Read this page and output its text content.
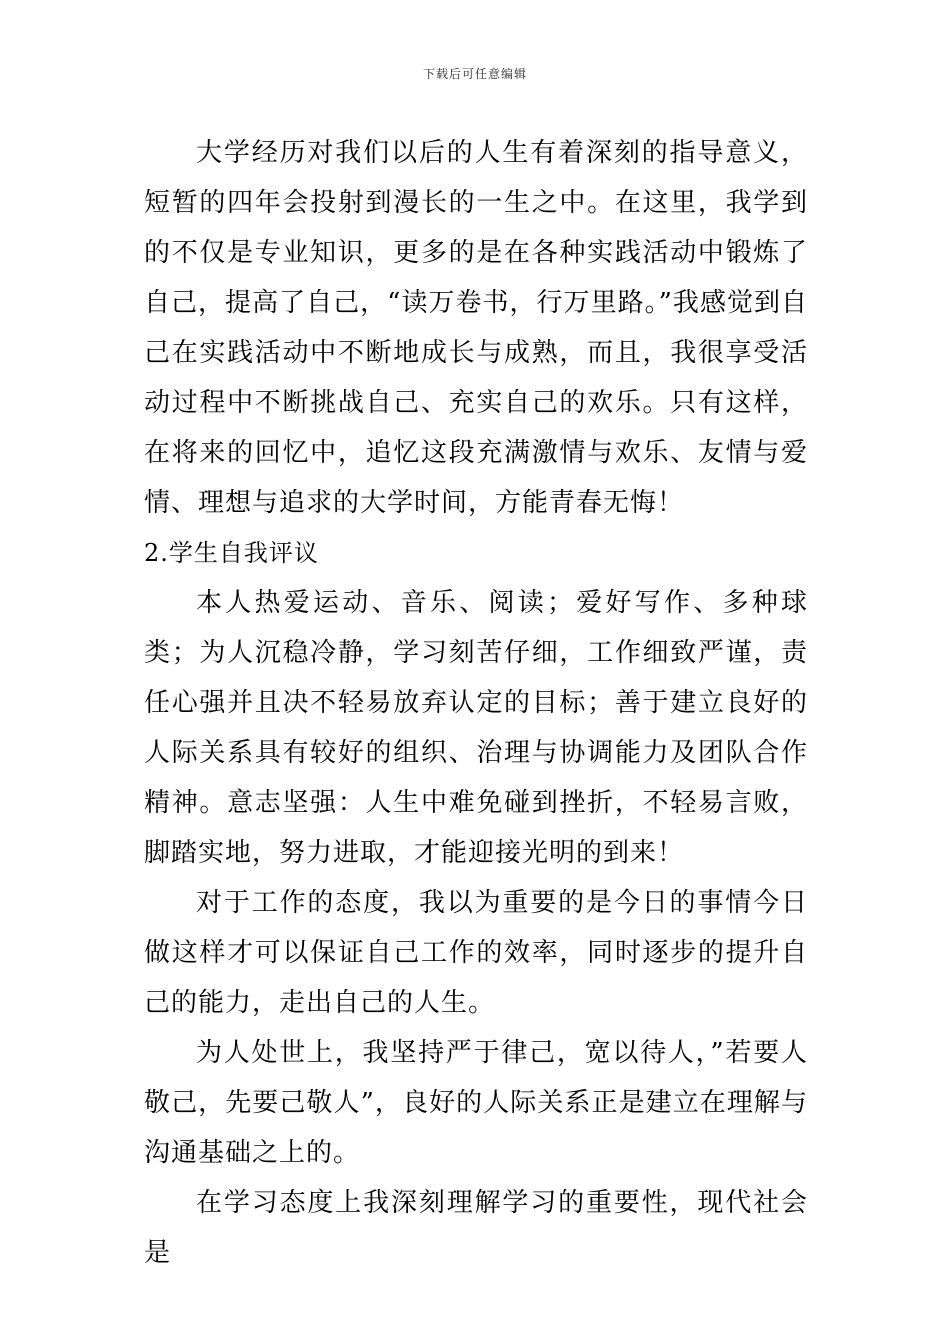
下载后可任意编辑

大学经历对我们以后的人生有着深刻的指导意义，短暂的四年会投射到漫长的一生之中。在这里，我学到的不仅是专业知识，更多的是在各种实践活动中锻炼了自己，提高了自己，“读万卷书，行万里路。”我感觉到自己在实践活动中不断地成长与成熟，而且，我很享受活动过程中不断挑战自己、充实自己的欢乐。只有这样，在将来的回忆中，追忆这段充满激情与欢乐、友情与爱情、理想与追求的大学时间，方能青春无悔！

2.学生自我评议

本人热爱运动、音乐、阅读；爱好写作、多种球类；为人沉稳冷静，学习刻苦仔细，工作细致严谨，责任心强并且决不轻易放弃认定的目标；善于建立良好的人际关系具有较好的组织、治理与协调能力及团队合作精神。意志坚强：人生中难免碰到挫折，不轻易言败，脚踏实地，努力进取，才能迎接光明的到来！

对于工作的态度，我以为重要的是今日的事情今日做这样才可以保证自己工作的效率，同时逐步的提升自己的能力，走出自己的人生。

为人处世上，我坚持严于律己，宽以待人，”若要人敬己，先要己敬人”，良好的人际关系正是建立在理解与沟通基础之上的。

在学习态度上我深刻理解学习的重要性，现代社会是
